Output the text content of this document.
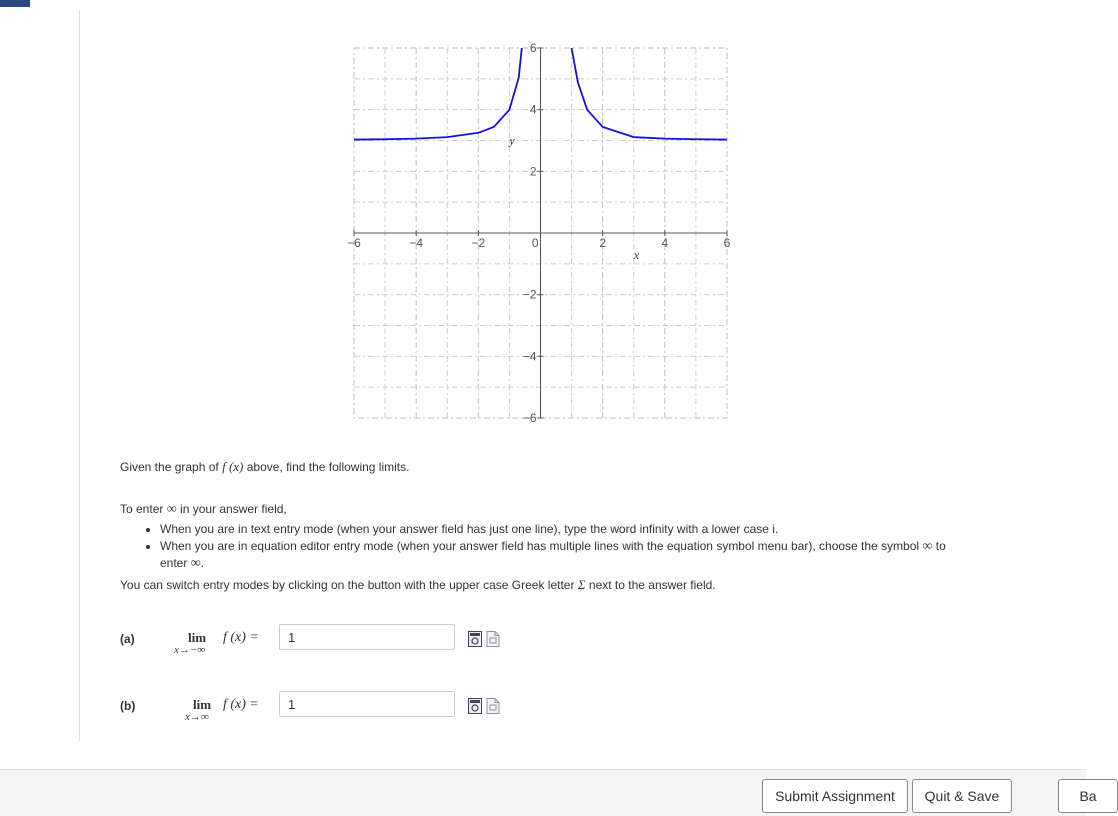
−6	−4	−2	0	2	4	6
6
4
2
−2
−4
−6
x
y
Given the graph of f (x) above, find the following limits.
To enter ∞ in your answer field,
• When you are in text entry mode (when your answer field has just one line), type the word infinity with a lower case i.
• When you are in equation editor entry mode (when your answer field has multiple lines with the equation symbol menu bar), choose the symbol ∞ to enter ∞.
You can switch entry modes by clicking on the button with the upper case Greek letter Σ next to the answer field.
(a)	lim
x→−∞
f (x) =
1
(b)	lim
x→∞
f (x) =
1
Submit Assignment	Quit & Save	Ba
